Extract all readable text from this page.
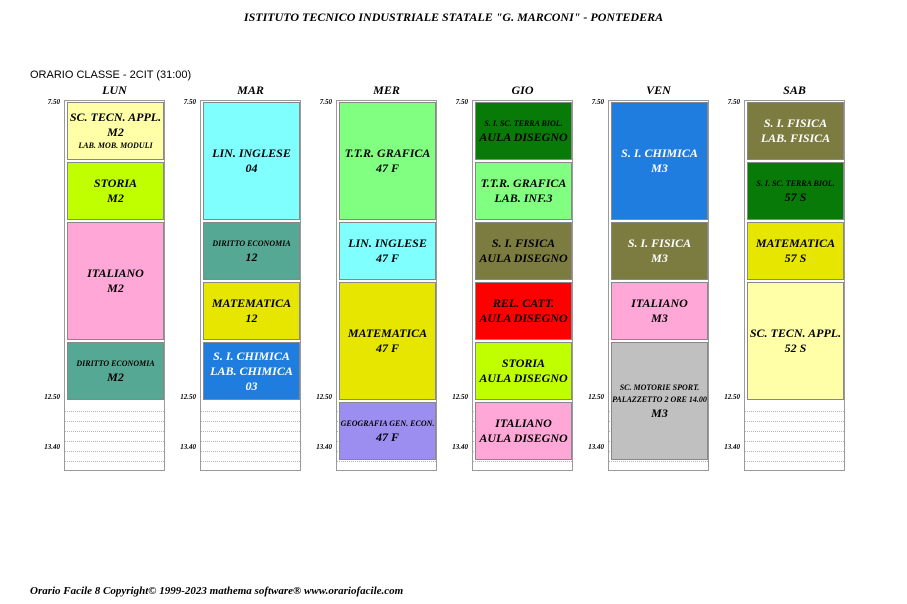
ISTITUTO TECNICO INDUSTRIALE STATALE "G. MARCONI" - PONTEDERA
ORARIO CLASSE - 2CIT (31:00)
LUN
7.50
12.50
13.40
SC. TECN. APPL.
M2
LAB. MOB. MODULI
STORIA
M2
ITALIANO
M2
DIRITTO ECONOMIA
M2
MAR
7.50
12.50
13.40
LIN. INGLESE
04
DIRITTO ECONOMIA
12
MATEMATICA
12
S. I. CHIMICA
LAB. CHIMICA
03
MER
7.50
12.50
13.40
T.T.R. GRAFICA
47 F
LIN. INGLESE
47 F
MATEMATICA
47 F
GEOGRAFIA GEN. ECON.
47 F
GIO
7.50
12.50
13.40
S. I. SC. TERRA BIOL.
AULA DISEGNO
T.T.R. GRAFICA
LAB. INF.3
S. I. FISICA
AULA DISEGNO
REL. CATT.
AULA DISEGNO
STORIA
AULA DISEGNO
ITALIANO
AULA DISEGNO
VEN
7.50
12.50
13.40
S. I. CHIMICA
M3
S. I. FISICA
M3
ITALIANO
M3
SC. MOTORIE SPORT.
PALAZZETTO 2 ORE 14.00
M3
SAB
7.50
12.50
13.40
S. I. FISICA
LAB. FISICA
S. I. SC. TERRA BIOL.
57 S
MATEMATICA
57 S
SC. TECN. APPL.
52 S
Orario Facile 8 Copyright© 1999-2023 mathema software® www.orariofacile.com
